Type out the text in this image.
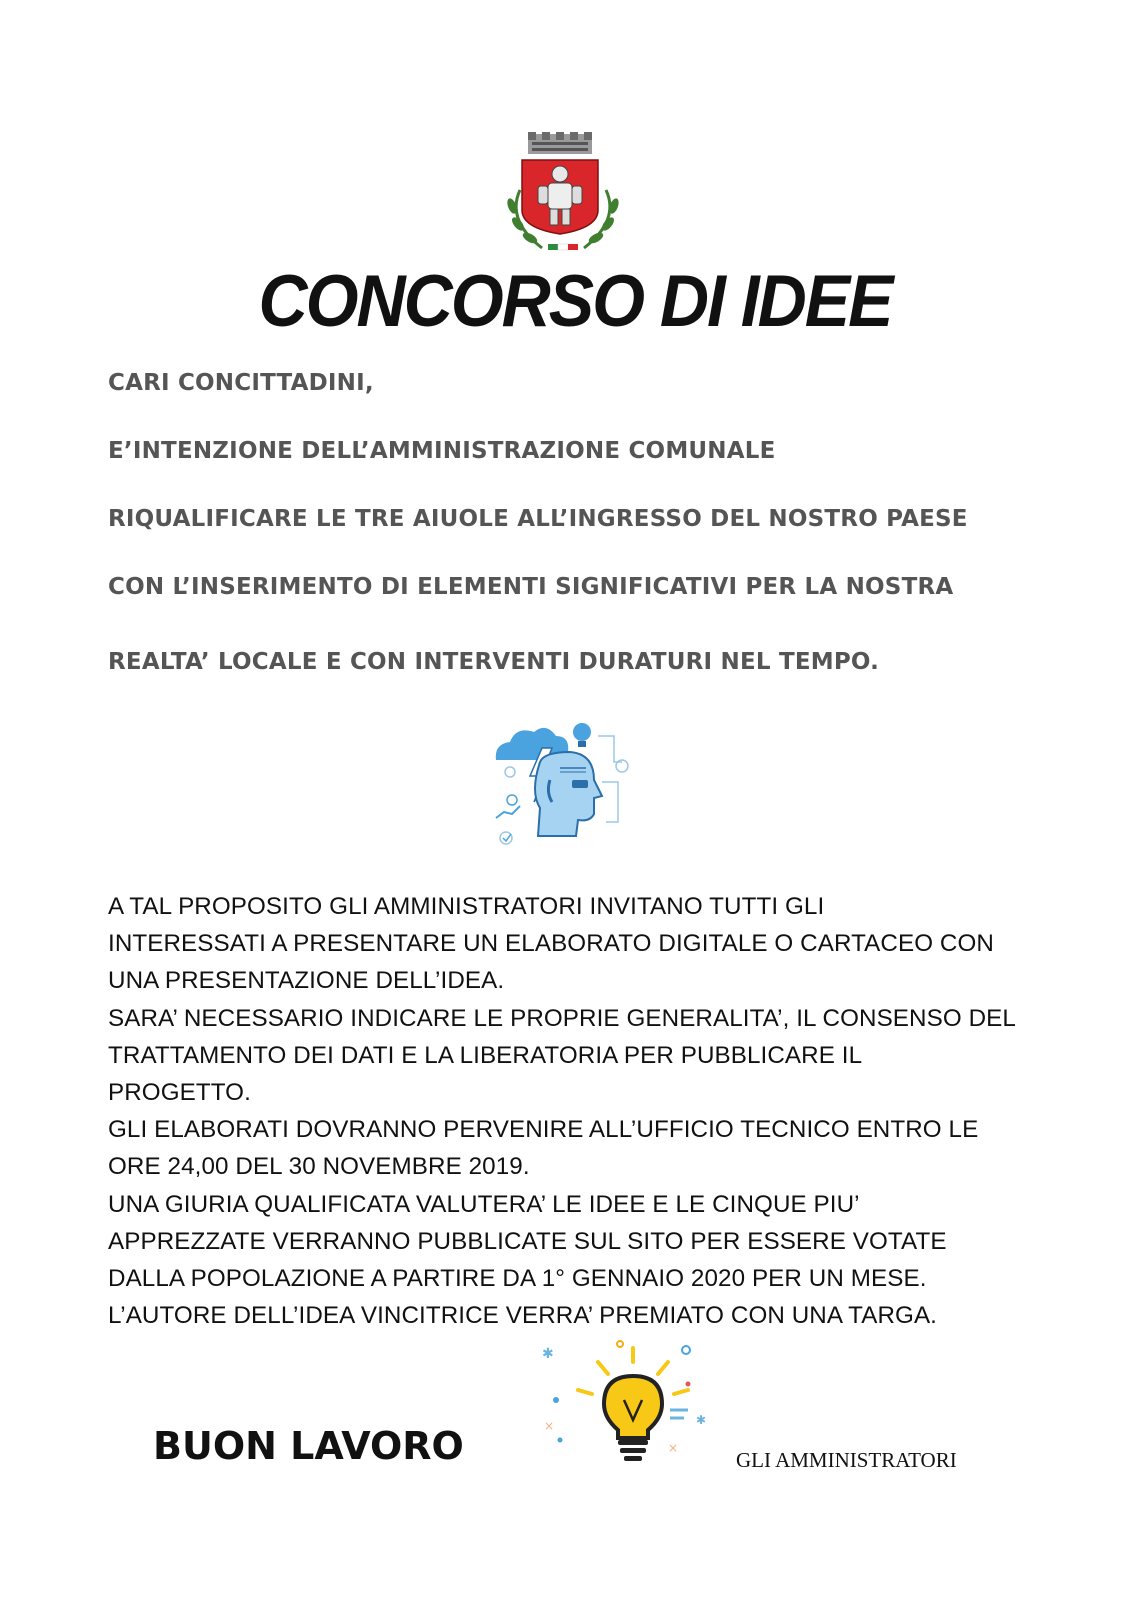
CONCORSO DI IDEE
CARI CONCITTADINI,
E’INTENZIONE DELL’AMMINISTRAZIONE COMUNALE
RIQUALIFICARE LE TRE AIUOLE ALL’INGRESSO DEL NOSTRO PAESE
CON L’INSERIMENTO DI ELEMENTI SIGNIFICATIVI PER LA NOSTRA
REALTA’ LOCALE E CON INTERVENTI DURATURI NEL TEMPO.
A TAL PROPOSITO GLI AMMINISTRATORI INVITANO TUTTI GLI
INTERESSATI A PRESENTARE UN ELABORATO DIGITALE O CARTACEO CON
UNA PRESENTAZIONE DELL’IDEA.
SARA’ NECESSARIO INDICARE LE PROPRIE GENERALITA’, IL CONSENSO DEL
TRATTAMENTO DEI DATI E LA LIBERATORIA PER PUBBLICARE IL
PROGETTO.
GLI ELABORATI DOVRANNO PERVENIRE ALL’UFFICIO TECNICO ENTRO LE
ORE 24,00 DEL 30 NOVEMBRE 2019.
UNA GIURIA QUALIFICATA VALUTERA’ LE IDEE E LE CINQUE PIU’
APPREZZATE VERRANNO PUBBLICATE SUL SITO PER ESSERE VOTATE
DALLA POPOLAZIONE A PARTIRE DA 1° GENNAIO 2020 PER UN MESE.
L’AUTORE DELL’IDEA VINCITRICE VERRA’ PREMIATO CON UNA TARGA.
BUON LAVORO
✱
✱
×
×	GLI AMMINISTRATORI
